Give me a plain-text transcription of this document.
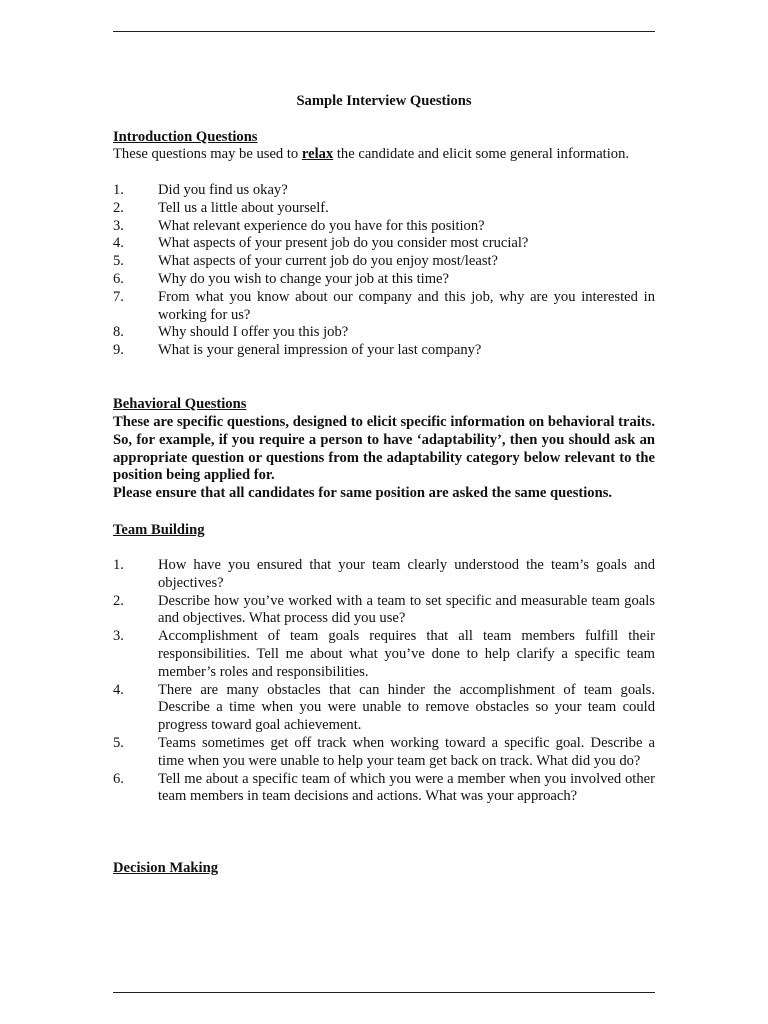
Sample Interview Questions
Introduction Questions
These questions may be used to relax the candidate and elicit some general information.
1.	Did you find us okay?
2.	Tell us a little about yourself.
3.	What relevant experience do you have for this position?
4.	What aspects of your present job do you consider most crucial?
5.	What aspects of your current job do you enjoy most/least?
6.	Why do you wish to change your job at this time?
7.	From what you know about our company and this job, why are you interested in working for us?
8.	Why should I offer you this job?
9.	What is your general impression of your last company?
Behavioral Questions
These are specific questions, designed to elicit specific information on behavioral traits. So, for example, if you require a person to have ‘adaptability’, then you should ask an appropriate question or questions from the adaptability category below relevant to the position being applied for.
Please ensure that all candidates for same position are asked the same questions.
Team Building
1.	How have you ensured that your team clearly understood the team’s goals and objectives?
2.	Describe how you’ve worked with a team to set specific and measurable team goals and objectives. What process did you use?
3.	Accomplishment of team goals requires that all team members fulfill their responsibilities. Tell me about what you’ve done to help clarify a specific team member’s roles and responsibilities.
4.	There are many obstacles that can hinder the accomplishment of team goals. Describe a time when you were unable to remove obstacles so your team could progress toward goal achievement.
5.	Teams sometimes get off track when working toward a specific goal. Describe a time when you were unable to help your team get back on track. What did you do?
6.	Tell me about a specific team of which you were a member when you involved other team members in team decisions and actions. What was your approach?
Decision Making
